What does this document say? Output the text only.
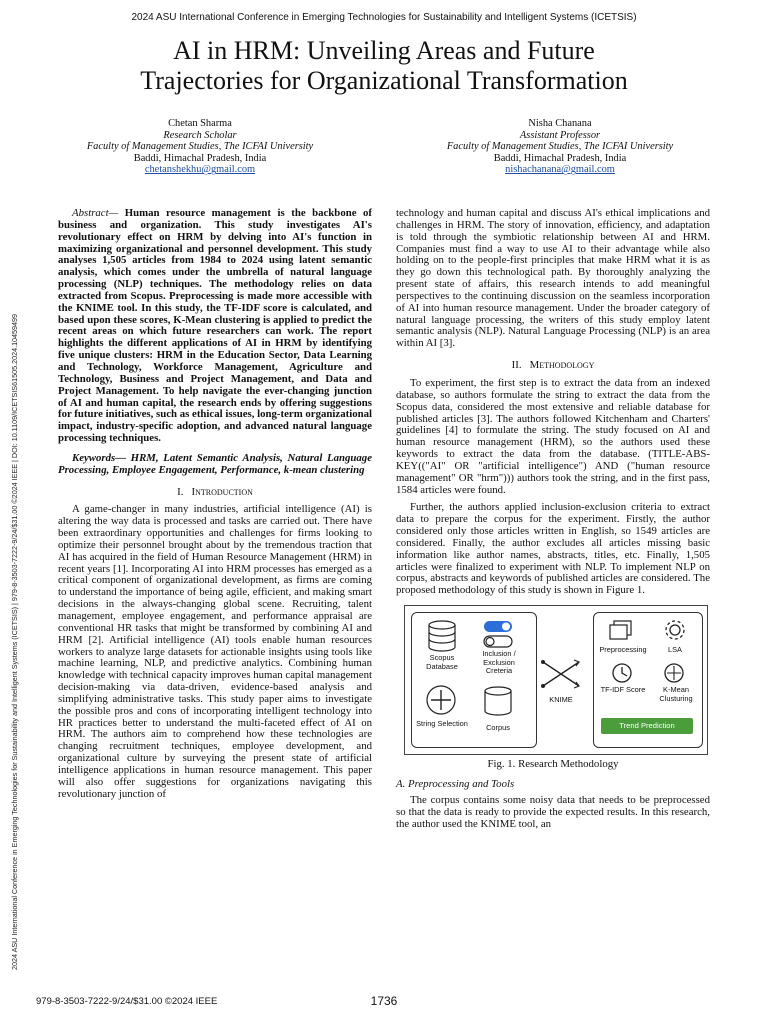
2024 ASU International Conference in Emerging Technologies for Sustainability and Intelligent Systems (ICETSIS)
AI in HRM: Unveiling Areas and Future
Trajectories for Organizational Transformation
Chetan Sharma
Research Scholar
Faculty of Management Studies, The ICFAI University
Baddi, Himachal Pradesh, India
chetanshekhu@gmail.com
Nisha Chanana
Assistant Professor
Faculty of Management Studies, The ICFAI University
Baddi, Himachal Pradesh, India
nishachanana@gmail.com
2024 ASU International Conference in Emerging Technologies for Sustainability and Intelligent Systems (ICETSIS) | 979-8-3503-7222-9/24/$31.00 ©2024 IEEE | DOI: 10.1109/ICETSIS61505.2024.10459499

Abstract— Human resource management is the backbone of business and organization. This study investigates AI's revolutionary effect on HRM by delving into AI's function in maximizing organizational and personnel development. This study analyses 1,505 articles from 1984 to 2024 using latent semantic analysis, which comes under the umbrella of natural language processing (NLP) techniques. The methodology relies on data extracted from Scopus. Preprocessing is made more accessible with the KNIME tool. In this study, the TF-IDF score is calculated, and based upon these scores, K-Mean clustering is applied to predict the recent areas on which future researchers can work. The report highlights the different applications of AI in HRM by identifying five unique clusters: HRM in the Education Sector, Data Learning and Technology, Workforce Management, Agriculture and Technology, Business and Project Management, and Data and Project Management. To help navigate the ever-changing junction of AI and human capital, the research ends by offering suggestions for future initiatives, such as ethical issues, long-term organizational impact, industry-specific adoption, and advanced natural language processing techniques.

Keywords— HRM, Latent Semantic Analysis, Natural Language Processing, Employee Engagement, Performance, k-mean clustering

I. Introduction

A game-changer in many industries, artificial intelligence (AI) is altering the way data is processed and tasks are carried out. There have been extraordinary opportunities and challenges for firms looking to optimize their personnel brought about by the tremendous traction that AI has acquired in the field of Human Resource Management (HRM) in recent years [1]. Incorporating AI into HRM processes has emerged as a critical component of organizational development, as firms are coming to understand the importance of being agile, efficient, and making smart decisions in the always-changing global scene. Recruiting, talent management, employee engagement, and performance appraisal are conventional HR tasks that might be transformed by combining AI and HRM [2]. Artificial intelligence (AI) tools enable human resources workers to analyze large datasets for actionable insights using tools like machine learning, NLP, and predictive analytics. Combining human knowledge with technical capacity improves human capital management decision-making via data-driven, evidence-based analysis and simplifying administrative tasks. This study paper aims to investigate the possible pros and cons of incorporating intelligent technology into HR practices better to understand the multi-faceted effect of AI on HRM. The authors aim to comprehend how these technologies are changing recruitment techniques, employee development, and organizational culture by surveying the present state of artificial intelligence applications in human resource management. This paper will also offer suggestions for organizations navigating this revolutionary junction of

technology and human capital and discuss AI's ethical implications and challenges in HRM. The story of innovation, efficiency, and adaptation is told through the symbiotic relationship between AI and HRM. Companies must find a way to use AI to their advantage while also holding on to the people-first principles that make HRM what it is as they go down this technological path. By thoroughly analyzing the present state of affairs, this research intends to add meaningful perspectives to the continuing discussion on the seamless incorporation of AI into human resource management. Under the broader category of natural language processing, the writers of this study employ latent semantic analysis (NLP). Natural Language Processing (NLP) is an area within AI [3].

II. Methodology

To experiment, the first step is to extract the data from an indexed database, so authors formulate the string to extract the data from the Scopus data, considered the most extensive and reliable database for published articles [3]. The authors followed Kitchenham and Charters' guidelines [4] to formulate the string. The study focused on AI and human resource management (HRM), so the authors used these keywords to extract the data from the database. (TITLE-ABS-KEY(("AI" OR "artificial intelligence") AND ("human resource management" OR "hrm"))) authors took the string, and in the first pass, 1584 articles were found.

Further, the authors applied inclusion-exclusion criteria to extract data to prepare the corpus for the experiment. Firstly, the author considered only those articles written in English, so 1549 articles are considered. Finally, the author excludes all articles missing basic information like author names, abstracts, titles, etc. Finally, 1,505 articles were finalized to experiment with NLP. To implement NLP on corpus, abstracts and keywords of published articles are considered. The proposed methodology of this study is shown in Figure 1.

Scopus Database
Inclusion / Exclusion Creteria
String Selection	Corpus
KNIME
Preprocessing	LSA
TF-IDF Score	K-Mean Clusturing
Trend Prediction

Fig. 1. Research Methodology

A. Preprocessing and Tools

The corpus contains some noisy data that needs to be preprocessed so that the data is ready to provide the expected results. In this research, the author used the KNIME tool, an

979-8-3503-7222-9/24/$31.00 ©2024 IEEE	1736
